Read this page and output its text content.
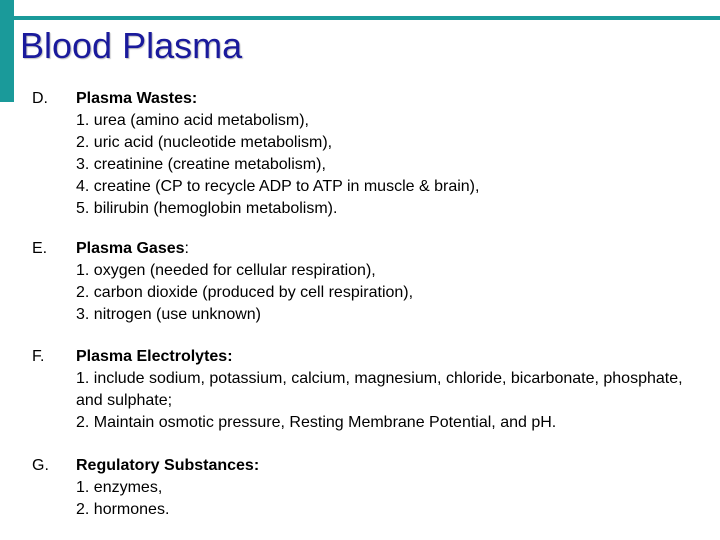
Blood Plasma
D. Plasma Wastes:
1. urea (amino acid metabolism),
2. uric acid (nucleotide metabolism),
3. creatinine (creatine metabolism),
4. creatine (CP to recycle ADP to ATP in muscle & brain),
5. bilirubin (hemoglobin metabolism).
E. Plasma Gases:
1. oxygen (needed for cellular respiration),
2. carbon dioxide (produced by cell respiration),
3. nitrogen (use unknown)
F. Plasma Electrolytes:
1. include sodium, potassium, calcium, magnesium, chloride, bicarbonate, phosphate, and sulphate;
2. Maintain osmotic pressure, Resting Membrane Potential, and pH.
G. Regulatory Substances:
1. enzymes,
2. hormones.
